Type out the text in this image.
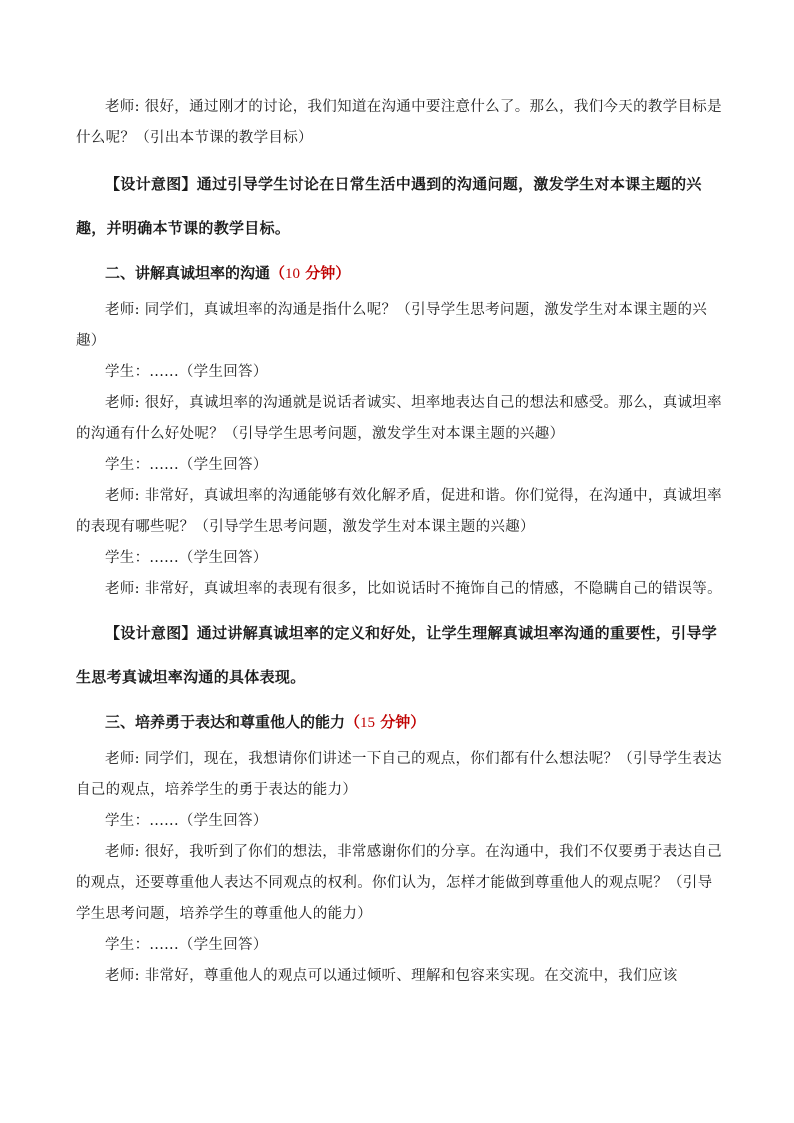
老师: 很好，通过刚才的讨论，我们知道在沟通中要注意什么了。那么，我们今天的教学目标是什么呢？（引出本节课的教学目标）

【设计意图】通过引导学生讨论在日常生活中遇到的沟通问题，激发学生对本课主题的兴趣，并明确本节课的教学目标。

二、讲解真诚坦率的沟通（10 分钟）

老师: 同学们，真诚坦率的沟通是指什么呢？（引导学生思考问题，激发学生对本课主题的兴趣）

学生：......（学生回答）

老师: 很好，真诚坦率的沟通就是说话者诚实、坦率地表达自己的想法和感受。那么，真诚坦率的沟通有什么好处呢？（引导学生思考问题，激发学生对本课主题的兴趣）

学生：......（学生回答）

老师: 非常好，真诚坦率的沟通能够有效化解矛盾，促进和谐。你们觉得，在沟通中，真诚坦率的表现有哪些呢？（引导学生思考问题，激发学生对本课主题的兴趣）

学生：......（学生回答）

老师: 非常好，真诚坦率的表现有很多，比如说话时不掩饰自己的情感，不隐瞒自己的错误等。

【设计意图】通过讲解真诚坦率的定义和好处，让学生理解真诚坦率沟通的重要性，引导学生思考真诚坦率沟通的具体表现。

三、培养勇于表达和尊重他人的能力（15 分钟）

老师: 同学们，现在，我想请你们讲述一下自己的观点，你们都有什么想法呢？（引导学生表达自己的观点，培养学生的勇于表达的能力）

学生：......（学生回答）

老师: 很好，我听到了你们的想法，非常感谢你们的分享。在沟通中，我们不仅要勇于表达自己的观点，还要尊重他人表达不同观点的权利。你们认为，怎样才能做到尊重他人的观点呢？（引导学生思考问题，培养学生的尊重他人的能力）

学生：......（学生回答）

老师: 非常好，尊重他人的观点可以通过倾听、理解和包容来实现。在交流中，我们应该
